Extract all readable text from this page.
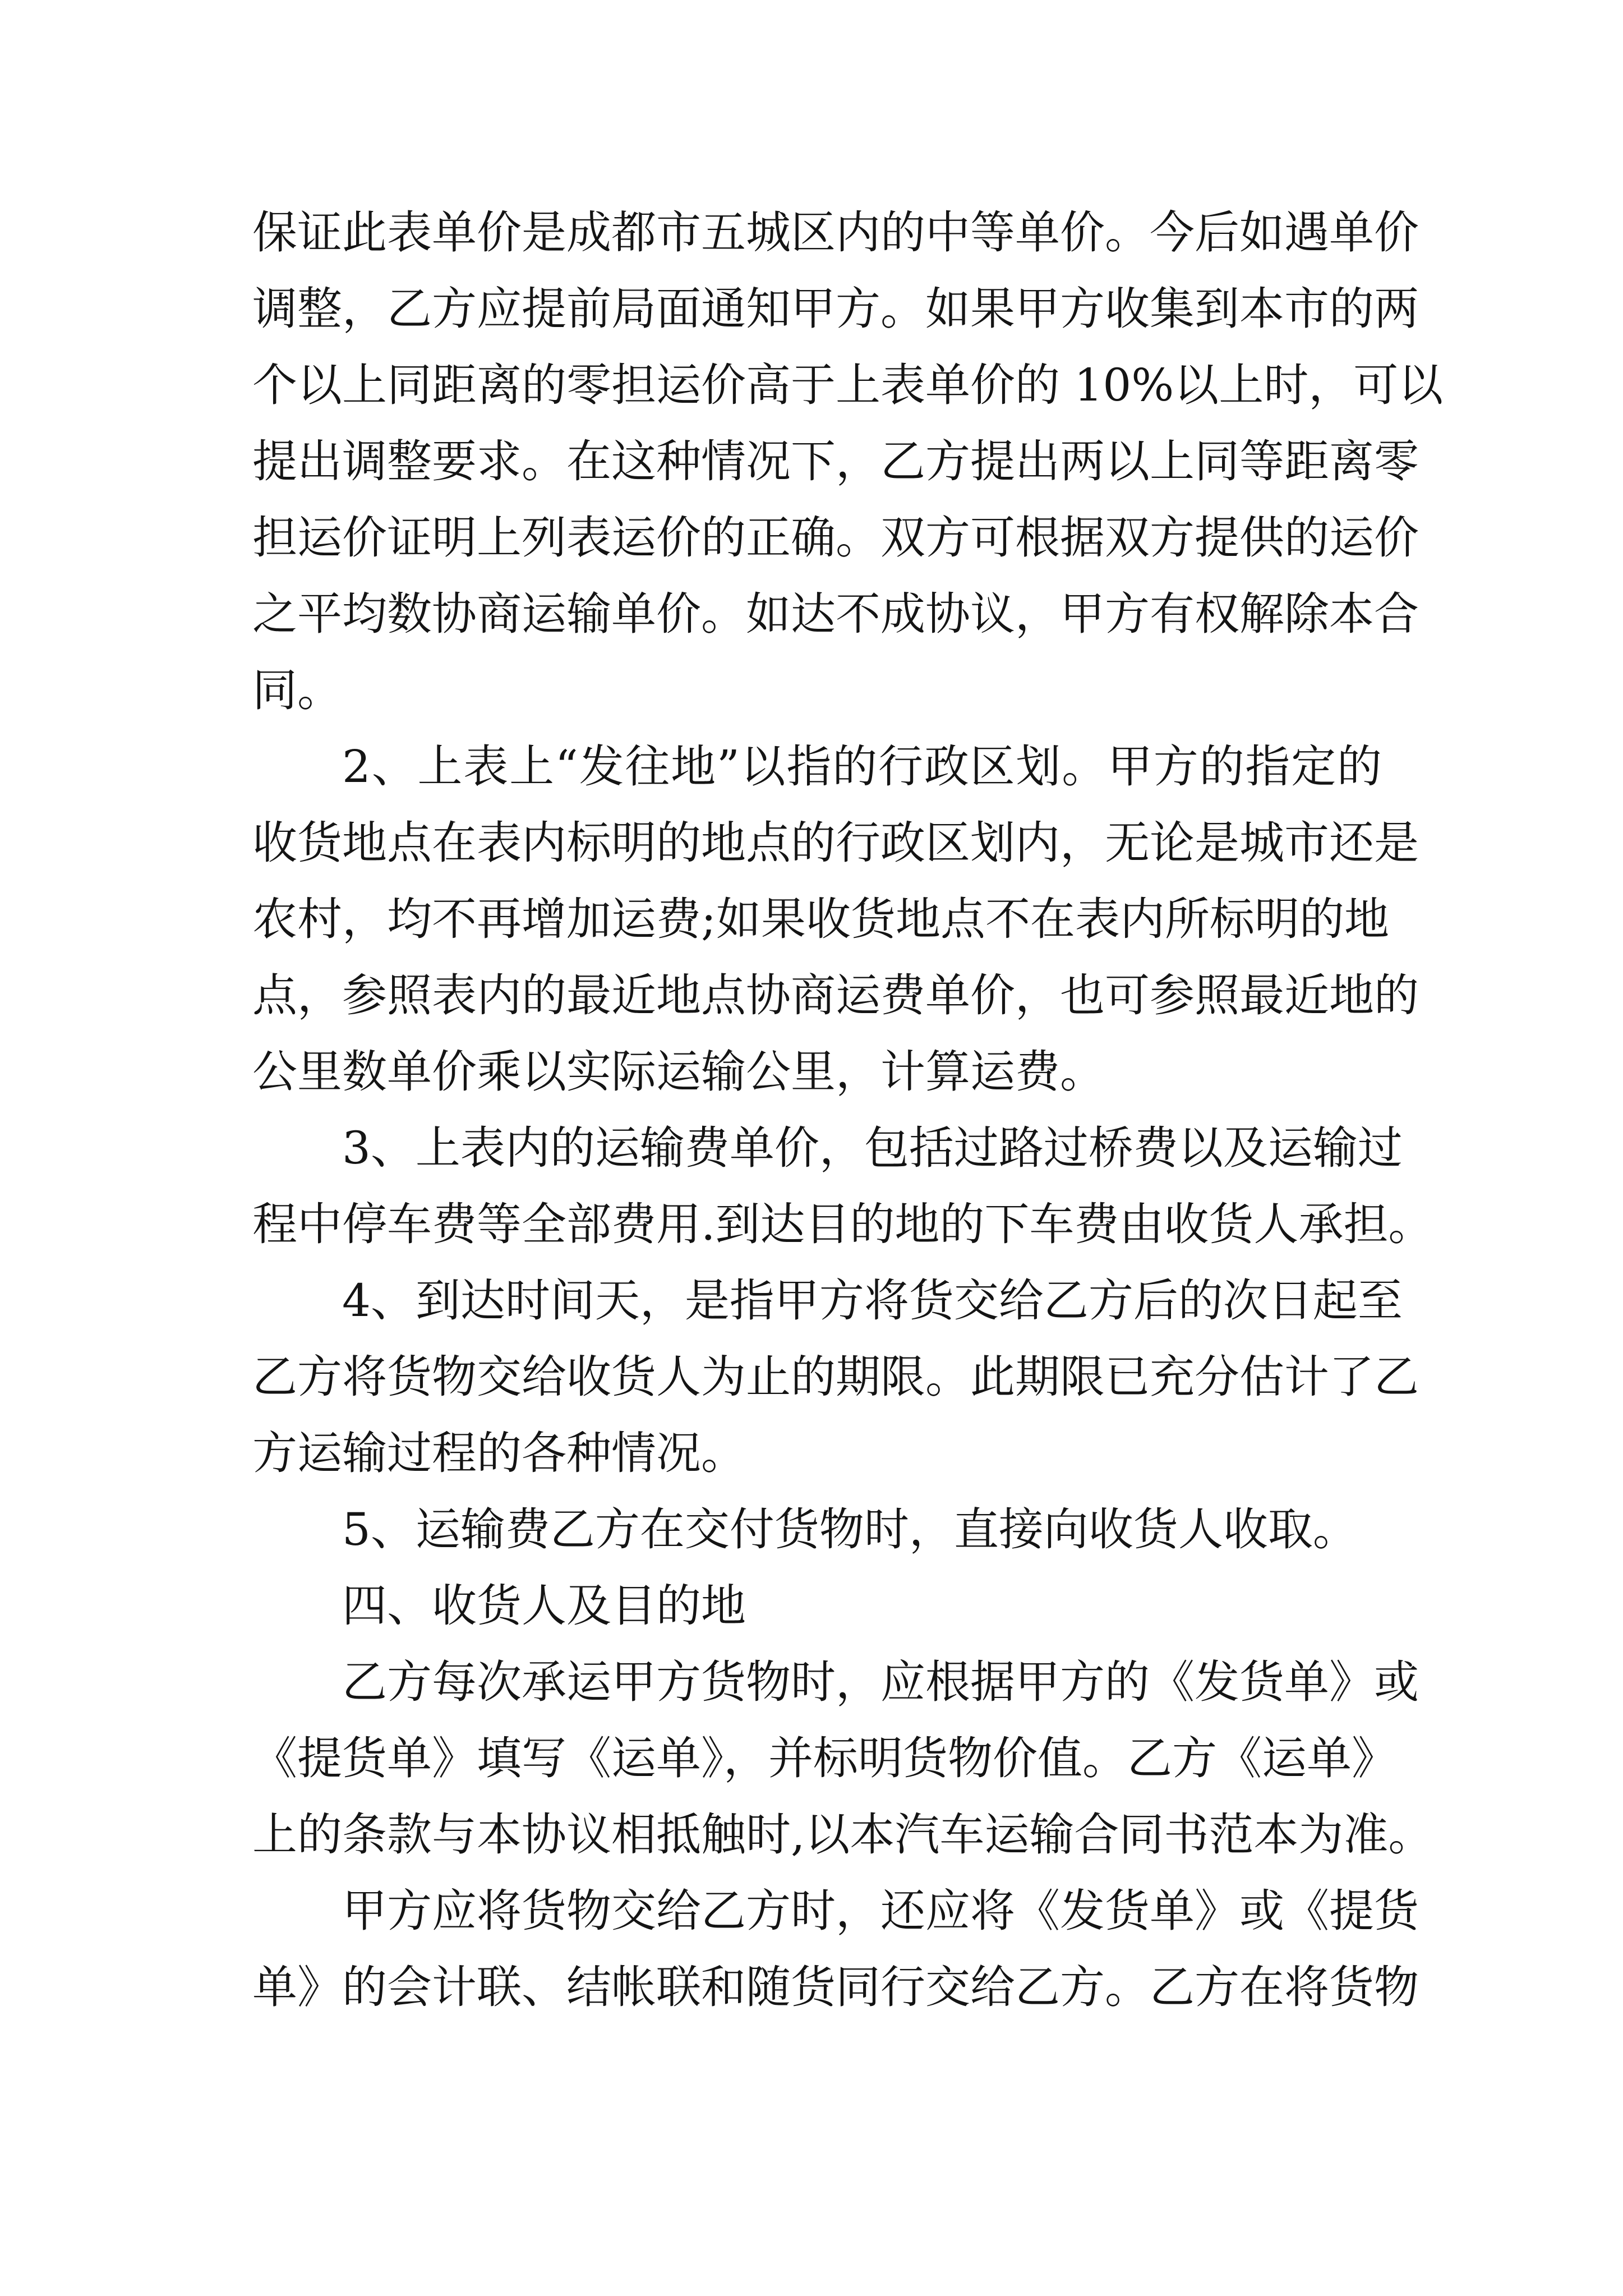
保证此表单价是成都市五城区内的中等单价。今后如遇单价
调整，乙方应提前局面通知甲方。如果甲方收集到本市的两
个以上同距离的零担运价高于上表单价的 10%以上时，可以
提出调整要求。在这种情况下，乙方提出两以上同等距离零
担运价证明上列表运价的正确。双方可根据双方提供的运价
之平均数协商运输单价。如达不成协议，甲方有权解除本合
同。
2、上表上“发往地”以指的行政区划。甲方的指定的
收货地点在表内标明的地点的行政区划内，无论是城市还是
农村，均不再增加运费;如果收货地点不在表内所标明的地
点，参照表内的最近地点协商运费单价，也可参照最近地的
公里数单价乘以实际运输公里，计算运费。
3、上表内的运输费单价，包括过路过桥费以及运输过
程中停车费等全部费用.到达目的地的下车费由收货人承担。
4、到达时间天，是指甲方将货交给乙方后的次日起至
乙方将货物交给收货人为止的期限。此期限已充分估计了乙
方运输过程的各种情况。
5、运输费乙方在交付货物时，直接向收货人收取。
四、收货人及目的地
乙方每次承运甲方货物时，应根据甲方的《发货单》或
《提货单》填写《运单》，并标明货物价值。乙方《运单》
上的条款与本协议相抵触时,以本汽车运输合同书范本为准。
甲方应将货物交给乙方时，还应将《发货单》或《提货
单》的会计联、结帐联和随货同行交给乙方。乙方在将货物
